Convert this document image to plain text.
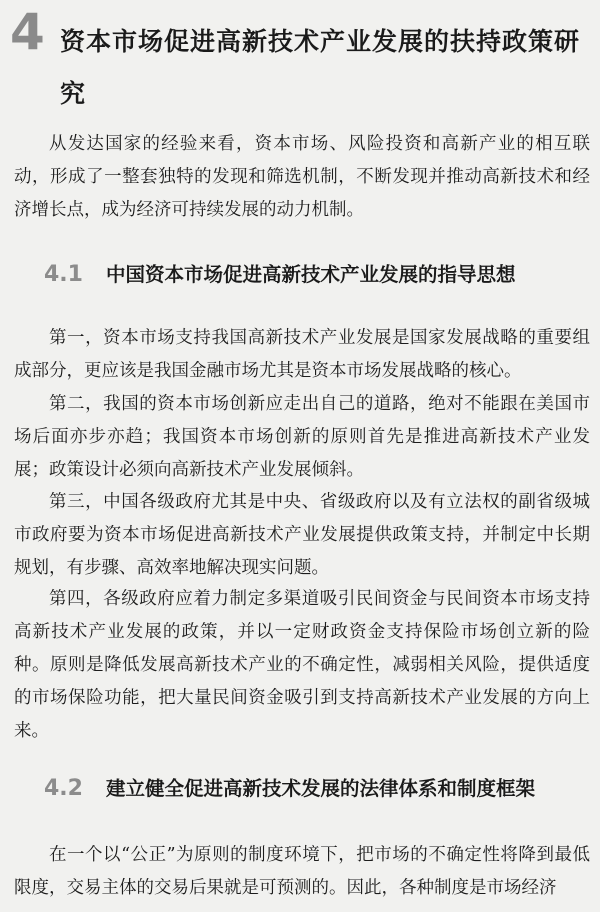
4 资本市场促进高新技术产业发展的扶持政策研究

从发达国家的经验来看，资本市场、风险投资和高新产业的相互联动，形成了一整套独特的发现和筛选机制，不断发现并推动高新技术和经济增长点，成为经济可持续发展的动力机制。

4.1 中国资本市场促进高新技术产业发展的指导思想

第一，资本市场支持我国高新技术产业发展是国家发展战略的重要组成部分，更应该是我国金融市场尤其是资本市场发展战略的核心。

第二，我国的资本市场创新应走出自己的道路，绝对不能跟在美国市场后面亦步亦趋；我国资本市场创新的原则首先是推进高新技术产业发展；政策设计必须向高新技术产业发展倾斜。

第三，中国各级政府尤其是中央、省级政府以及有立法权的副省级城市政府要为资本市场促进高新技术产业发展提供政策支持，并制定中长期规划，有步骤、高效率地解决现实问题。

第四，各级政府应着力制定多渠道吸引民间资金与民间资本市场支持高新技术产业发展的政策，并以一定财政资金支持保险市场创立新的险种。原则是降低发展高新技术产业的不确定性，减弱相关风险，提供适度的市场保险功能，把大量民间资金吸引到支持高新技术产业发展的方向上来。

4.2 建立健全促进高新技术发展的法律体系和制度框架

在一个以“公正”为原则的制度环境下，把市场的不确定性将降到最低限度，交易主体的交易后果就是可预测的。因此，各种制度是市场经济
